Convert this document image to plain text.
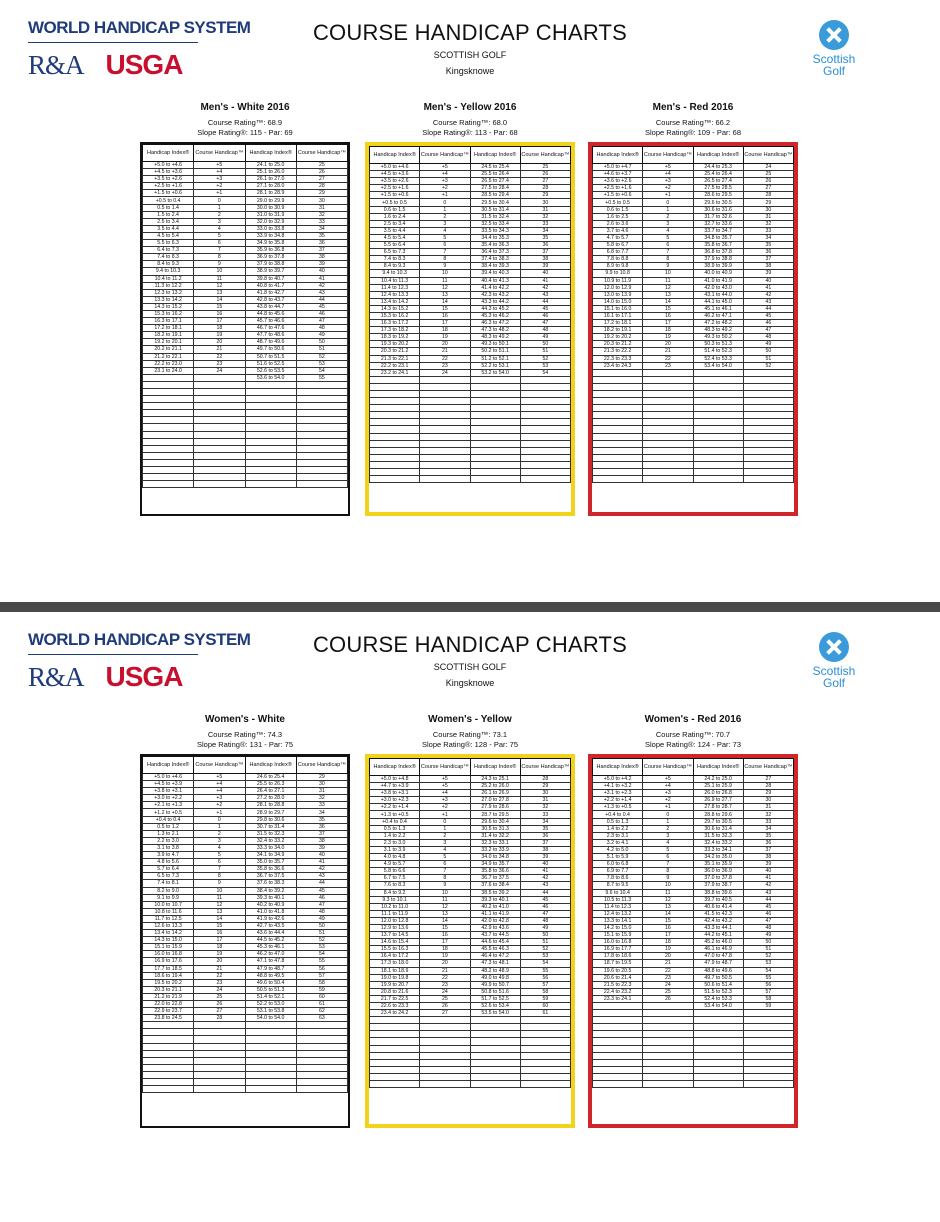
WORLD HANDICAP SYSTEM
R&A USGA
COURSE HANDICAP CHARTS
SCOTTISH GOLF
Kingsknowe
Scottish Golf
Men's - White 2016
Course Rating™: 68.9
Slope Rating®: 115 - Par: 69
Handicap Index®	Course Handicap™	Handicap Index®	Course Handicap™
+5.0 to +4.6	+5	24.1 to 25.0	25
+4.5 to +3.6	+4	25.1 to 26.0	26
+3.5 to +2.6	+3	26.1 to 27.0	27
+2.5 to +1.6	+2	27.1 to 28.0	28
+1.5 to +0.6	+1	28.1 to 28.9	29
+0.5 to 0.4	0	29.0 to 29.9	30
0.5 to 1.4	1	30.0 to 30.9	31
1.5 to 2.4	2	31.0 to 31.9	32
2.5 to 3.4	3	32.0 to 32.9	33
3.5 to 4.4	4	33.0 to 33.8	34
4.5 to 5.4	5	33.9 to 34.8	35
5.5 to 6.3	6	34.9 to 35.8	36
6.4 to 7.3	7	35.9 to 36.8	37
7.4 to 8.3	8	36.9 to 37.8	38
8.4 to 9.3	9	37.9 to 38.8	39
9.4 to 10.3	10	38.9 to 39.7	40
10.4 to 11.2	11	39.8 to 40.7	41
11.3 to 12.2	12	40.8 to 41.7	42
12.3 to 13.2	13	41.8 to 42.7	43
13.3 to 14.2	14	42.8 to 43.7	44
14.3 to 15.2	15	43.8 to 44.7	45
15.3 to 16.2	16	44.8 to 45.6	46
16.3 to 17.1	17	45.7 to 46.6	47
17.2 to 18.1	18	46.7 to 47.6	48
18.2 to 19.1	19	47.7 to 48.6	49
19.2 to 20.1	20	48.7 to 49.6	50
20.2 to 21.1	21	49.7 to 50.6	51
21.2 to 22.1	22	50.7 to 51.5	52
22.2 to 23.0	23	51.6 to 52.5	53
23.1 to 24.0	24	52.6 to 53.5	54
		53.6 to 54.0	55

Men's - Yellow 2016
Course Rating™: 68.0
Slope Rating®: 113 - Par: 68
Handicap Index®	Course Handicap™	Handicap Index®	Course Handicap™
+5.0 to +4.6	+5	24.5 to 25.4	25
+4.5 to +3.6	+4	25.5 to 26.4	26
+3.5 to +2.6	+3	26.5 to 27.4	27
+2.5 to +1.6	+2	27.5 to 28.4	28
+1.5 to +0.6	+1	28.5 to 29.4	29
+0.5 to 0.5	0	29.5 to 30.4	30
0.6 to 1.5	1	30.5 to 31.4	31
1.6 to 2.4	2	31.5 to 32.4	32
2.5 to 3.4	3	32.5 to 33.4	33
3.5 to 4.4	4	33.5 to 34.3	34
4.5 to 5.4	5	34.4 to 35.3	35
5.5 to 6.4	6	35.4 to 36.3	36
6.5 to 7.3	7	36.4 to 37.3	37
7.4 to 8.3	8	37.4 to 38.3	38
8.4 to 9.3	9	38.4 to 39.3	39
9.4 to 10.3	10	39.4 to 40.3	40
10.4 to 11.3	11	40.4 to 41.3	41
11.4 to 12.3	12	41.4 to 42.2	42
12.4 to 13.3	13	42.3 to 43.2	43
13.4 to 14.2	14	43.3 to 44.2	44
14.3 to 15.2	15	44.3 to 45.2	45
15.3 to 16.2	16	45.3 to 46.2	46
16.3 to 17.2	17	46.3 to 47.2	47
17.3 to 18.2	18	47.3 to 48.2	48
18.3 to 19.2	19	48.3 to 49.2	49
19.3 to 20.2	20	49.3 to 50.1	50
20.3 to 21.2	21	50.2 to 51.1	51
21.3 to 22.1	22	51.2 to 52.1	52
22.2 to 23.1	23	52.2 to 53.1	53
23.2 to 24.1	24	53.2 to 54.0	54

Men's - Red 2016
Course Rating™: 66.2
Slope Rating®: 109 - Par: 68
Handicap Index®	Course Handicap™	Handicap Index®	Course Handicap™
+5.0 to +4.7	+5	24.4 to 25.3	24
+4.6 to +3.7	+4	25.4 to 26.4	25
+3.6 to +2.6	+3	26.5 to 27.4	26
+2.5 to +1.6	+2	27.5 to 28.5	27
+1.5 to +0.6	+1	28.6 to 29.5	28
+0.5 to 0.5	0	29.6 to 30.5	29
0.6 to 1.5	1	30.6 to 31.6	30
1.6 to 2.5	2	31.7 to 32.6	31
2.6 to 3.6	3	32.7 to 33.6	32
3.7 to 4.6	4	33.7 to 34.7	33
4.7 to 5.7	5	34.8 to 35.7	34
5.8 to 6.7	6	35.8 to 36.7	35
6.8 to 7.7	7	36.8 to 37.8	36
7.8 to 8.8	8	37.9 to 38.8	37
8.9 to 9.8	9	38.9 to 39.9	38
9.9 to 10.8	10	40.0 to 40.9	39
10.9 to 11.9	11	41.0 to 41.9	40
12.0 to 12.9	12	42.0 to 43.0	41
13.0 to 13.9	13	43.1 to 44.0	42
14.0 to 15.0	14	44.1 to 45.0	43
15.1 to 16.0	15	45.1 to 46.1	44
16.1 to 17.1	16	46.2 to 47.1	45
17.2 to 18.1	17	47.2 to 48.2	46
18.2 to 19.1	18	48.3 to 49.2	47
19.2 to 20.2	19	49.3 to 50.2	48
20.3 to 21.2	20	50.3 to 51.3	49
21.3 to 22.2	21	51.4 to 52.3	50
22.3 to 23.3	22	52.4 to 53.3	51
23.4 to 24.3	23	53.4 to 54.0	52

WORLD HANDICAP SYSTEM
R&A USGA
COURSE HANDICAP CHARTS
SCOTTISH GOLF
Kingsknowe
Scottish Golf
Women's - White
Course Rating™: 74.3
Slope Rating®: 131 - Par: 75
Handicap Index®	Course Handicap™	Handicap Index®	Course Handicap™
+5.0 to +4.6	+5	24.6 to 25.4	29
+4.5 to +3.9	+4	25.5 to 26.3	30
+3.8 to +3.1	+4	26.4 to 27.1	31
+3.0 to +2.2	+3	27.2 to 28.0	32
+2.1 to +1.3	+2	28.1 to 28.8	33
+1.2 to +0.5	+1	28.9 to 29.7	34
+0.4 to 0.4	0	29.8 to 30.6	35
0.5 to 1.2	1	30.7 to 31.4	36
1.3 to 2.1	2	31.5 to 32.3	37
2.2 to 3.0	3	32.4 to 33.2	38
3.1 to 3.8	4	33.3 to 34.0	39
3.9 to 4.7	5	34.1 to 34.9	40
4.8 to 5.6	6	35.0 to 35.7	41
5.7 to 6.4	7	35.8 to 36.6	42
6.5 to 7.3	8	36.7 to 37.5	43
7.4 to 8.1	9	37.6 to 38.3	44
8.2 to 9.0	10	38.4 to 39.2	45
9.1 to 9.9	11	39.3 to 40.1	46
10.0 to 10.7	12	40.2 to 40.9	47
10.8 to 11.6	13	41.0 to 41.8	48
11.7 to 12.5	14	41.9 to 42.6	49
12.6 to 13.3	15	42.7 to 43.5	50
13.4 to 14.2	16	43.6 to 44.4	51
14.3 to 15.0	17	44.5 to 45.2	52
15.1 to 15.9	18	45.3 to 46.1	53
16.0 to 16.8	19	46.2 to 47.0	54
16.9 to 17.6	20	47.1 to 47.8	55
17.7 to 18.5	21	47.9 to 48.7	56
18.6 to 19.4	22	48.8 to 49.5	57
19.5 to 20.2	23	49.6 to 50.4	58
20.3 to 21.1	24	50.5 to 51.3	59
21.2 to 21.9	25	51.4 to 52.1	60
22.0 to 22.8	26	52.2 to 53.0	61
22.9 to 23.7	27	53.1 to 53.8	62
23.8 to 24.5	28	54.0 to 54.0	63

Women's - Yellow
Course Rating™: 73.1
Slope Rating®: 128 - Par: 75
Handicap Index®	Course Handicap™	Handicap Index®	Course Handicap™
+5.0 to +4.8	+5	24.3 to 25.1	28
+4.7 to +3.9	+5	25.2 to 26.0	29
+3.8 to +3.1	+4	26.1 to 26.9	30
+3.0 to +2.3	+3	27.0 to 27.8	31
+2.2 to +1.4	+2	27.9 to 28.6	32
+1.3 to +0.5	+1	28.7 to 29.5	33
+0.4 to 0.4	0	29.6 to 30.4	34
0.5 to 1.3	1	30.5 to 31.3	35
1.4 to 2.2	2	31.4 to 32.2	36
2.3 to 3.0	3	32.3 to 33.1	37
3.1 to 3.9	4	33.2 to 33.9	38
4.0 to 4.8	5	34.0 to 34.8	39
4.9 to 5.7	6	34.9 to 35.7	40
5.8 to 6.6	7	35.8 to 36.6	41
6.7 to 7.5	8	36.7 to 37.5	42
7.6 to 8.3	9	37.6 to 38.4	43
8.4 to 9.2	10	38.5 to 39.2	44
9.3 to 10.1	11	39.3 to 40.1	45
10.2 to 11.0	12	40.2 to 41.0	46
11.1 to 11.9	13	41.1 to 41.9	47
12.0 to 12.8	14	42.0 to 42.8	48
12.9 to 13.6	15	42.9 to 43.6	49
13.7 to 14.5	16	43.7 to 44.5	50
14.6 to 15.4	17	44.6 to 45.4	51
15.5 to 16.3	18	45.5 to 46.3	52
16.4 to 17.2	19	46.4 to 47.2	53
17.3 to 18.0	20	47.3 to 48.1	54
18.1 to 18.9	21	48.2 to 48.9	55
19.0 to 19.8	22	49.0 to 49.8	56
19.9 to 20.7	23	49.9 to 50.7	57
20.8 to 21.6	24	50.8 to 51.6	58
21.7 to 22.5	25	51.7 to 52.5	59
22.6 to 23.3	26	52.6 to 53.4	60
23.4 to 24.2	27	53.5 to 54.0	61

Women's - Red 2016
Course Rating™: 70.7
Slope Rating®: 124 - Par: 73
Handicap Index®	Course Handicap™	Handicap Index®	Course Handicap™
+5.0 to +4.2	+5	24.2 to 25.0	27
+4.1 to +3.2	+4	25.1 to 25.9	28
+3.1 to +2.3	+3	26.0 to 26.8	29
+2.2 to +1.4	+2	26.9 to 27.7	30
+1.3 to +0.5	+1	27.8 to 28.7	31
+0.4 to 0.4	0	28.8 to 29.6	32
0.5 to 1.3	1	29.7 to 30.5	33
1.4 to 2.2	2	30.6 to 31.4	34
2.3 to 3.1	3	31.5 to 32.3	35
3.2 to 4.1	4	32.4 to 33.2	36
4.2 to 5.0	5	33.3 to 34.1	37
5.1 to 5.9	6	34.2 to 35.0	38
6.0 to 6.8	7	35.1 to 35.9	39
6.9 to 7.7	8	36.0 to 36.9	40
7.8 to 8.6	9	37.0 to 37.8	41
8.7 to 9.5	10	37.9 to 38.7	42
9.6 to 10.4	11	38.8 to 39.6	43
10.5 to 11.3	12	39.7 to 40.5	44
11.4 to 12.3	13	40.6 to 41.4	45
12.4 to 13.2	14	41.5 to 42.3	46
13.3 to 14.1	15	42.4 to 43.2	47
14.2 to 15.0	16	43.3 to 44.1	48
15.1 to 15.9	17	44.2 to 45.1	49
16.0 to 16.8	18	45.2 to 46.0	50
16.9 to 17.7	19	46.1 to 46.9	51
17.8 to 18.6	20	47.0 to 47.8	52
18.7 to 19.5	21	47.9 to 48.7	53
19.6 to 20.5	22	48.8 to 49.6	54
20.6 to 21.4	23	49.7 to 50.5	55
21.5 to 22.3	24	50.6 to 51.4	56
22.4 to 23.2	25	51.5 to 52.3	57
23.3 to 24.1	26	52.4 to 53.3	58
		53.4 to 54.0	59
